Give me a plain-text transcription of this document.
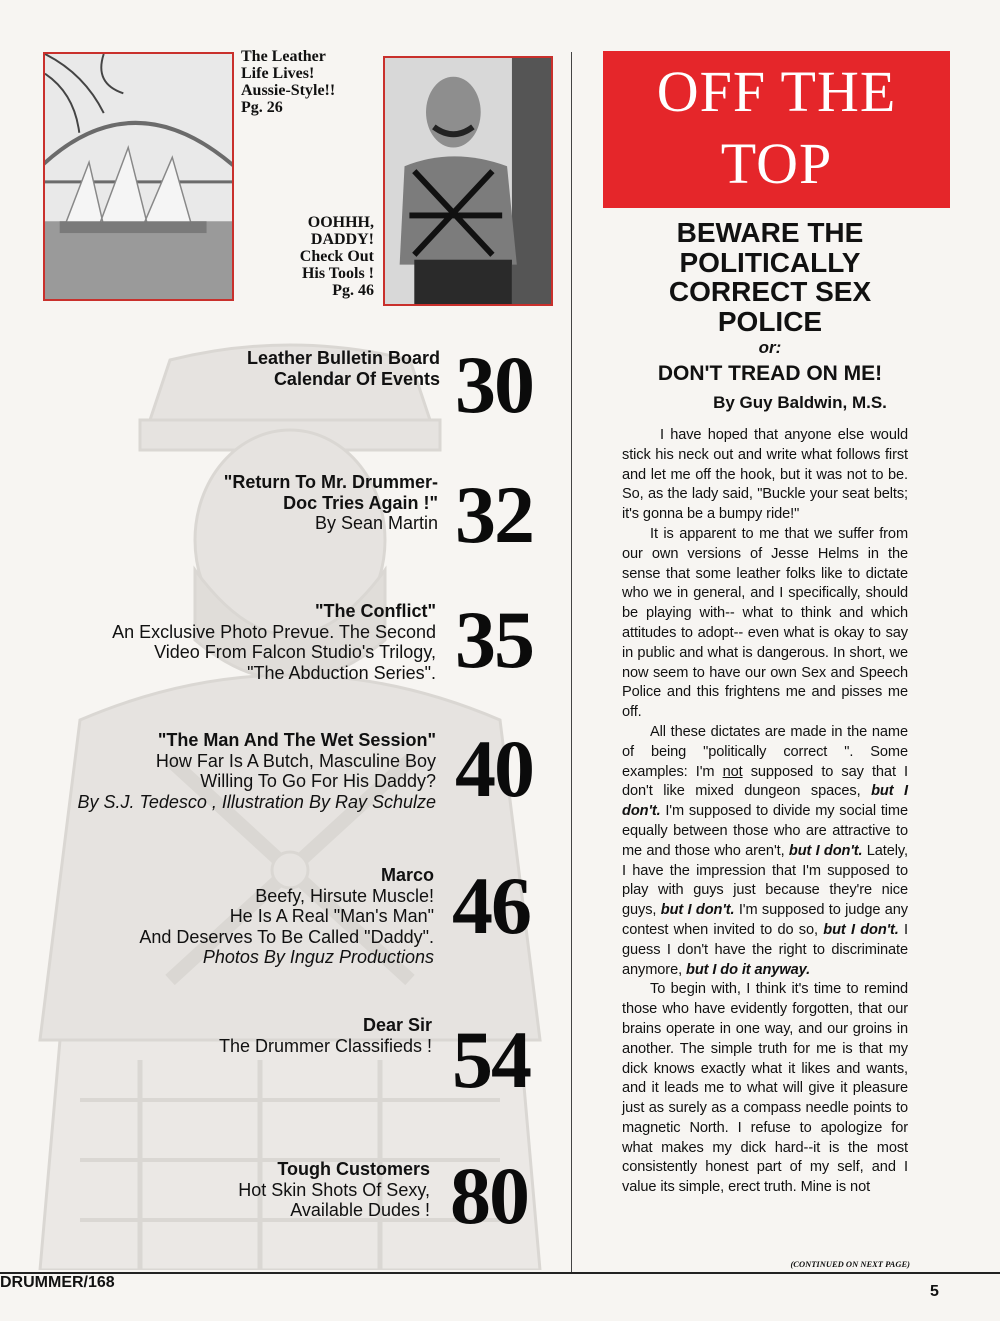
The Leather
Life Lives!
Aussie-Style!!
Pg. 26
OOHHH,
DADDY!
Check Out
His Tools !
Pg. 46
Leather Bulletin Board
Calendar Of Events 30
"Return To Mr. Drummer-
Doc Tries Again !"
By Sean Martin 32
"The Conflict"
An Exclusive Photo Prevue. The Second
Video From Falcon Studio's Trilogy,
"The Abduction Series". 35
"The Man And The Wet Session"
How Far Is A Butch, Masculine Boy
Willing To Go For His Daddy?
By S.J. Tedesco , Illustration By Ray Schulze 40
Marco
Beefy, Hirsute Muscle!
He Is A Real "Man's Man"
And Deserves To Be Called "Daddy".
Photos By Inguz Productions
46
Dear Sir
The Drummer Classifieds ! 54
Tough Customers
Hot Skin Shots Of Sexy,
Available Dudes ! 80
OFF THE
TOP
BEWARE THE
POLITICALLY
CORRECT SEX
POLICE
or:
DON'T TREAD ON ME!
By Guy Baldwin, M.S.

I have hoped that anyone else would stick his neck out and write what follows first and let me off the hook, but it was not to be. So, as the lady said, "Buckle your seat belts; it's gonna be a bumpy ride!"

It is apparent to me that we suffer from our own versions of Jesse Helms in the sense that some leather folks like to dictate who we in general, and I specifically, should be playing with-- what to think and which attitudes to adopt-- even what is okay to say in public and what is dangerous. In short, we now seem to have our own Sex and Speech Police and this frightens me and pisses me off.

All these dictates are made in the name of being "politically correct ". Some examples: I'm not supposed to say that I don't like mixed dungeon spaces, but I don't. I'm supposed to divide my social time equally between those who are attractive to me and those who aren't, but I don't. Lately, I have the impression that I'm supposed to play with guys just because they're nice guys, but I don't. I'm supposed to judge any contest when invited to do so, but I don't. I guess I don't have the right to discriminate anymore, but I do it anyway.

To begin with, I think it's time to remind those who have evidently forgotten, that our brains operate in one way, and our groins in another. The simple truth for me is that my dick knows exactly what it likes and wants, and it leads me to what will give it pleasure just as surely as a compass needle points to magnetic North. I refuse to apologize for what makes my dick hard--it is the most consistently honest part of my self, and I value its simple, erect truth. Mine is not

(CONTINUED ON NEXT PAGE)
DRUMMER/168
5
